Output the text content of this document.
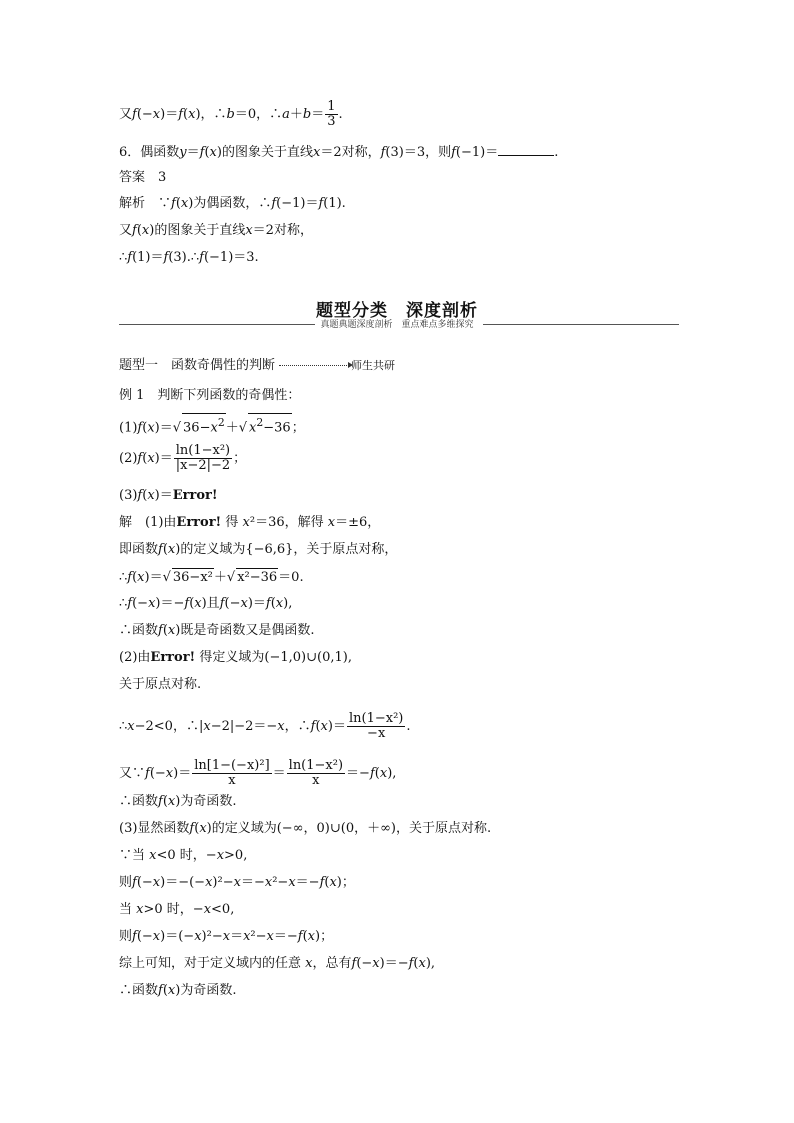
又f(−x)＝f(x)，∴b＝0，∴a＋b＝ $\frac{1}{3}$ .
6．偶函数y＝f(x)的图象关于直线x＝2对称，f(3)＝3，则f(−1)＝	.
答案　3
解析　∵f(x)为偶函数，∴f(−1)＝f(1).
又f(x)的图象关于直线x＝2对称，
∴f(1)＝f(3).∴f(−1)＝3.
题型分类　深度剖析
真题典题深度剖析　重点难点多维探究
题型一　函数奇偶性的判断	师生共研
例 1　判断下列函数的奇偶性：
(1)f(x)＝√ $36-x^2+√$ $x^2-36$；
$(2)f(x)= \frac{\text{ln(1−x²)}}{|x-2|-2}$ ；
(3)f(x)＝Error!
解　(1)由Error! 得 x²＝36，解得 x＝±6，
即函数f(x)的定义域为{−6,6}，关于原点对称，
∴f(x)＝√ 36−x²＋√ x²−36＝0.
∴f(−x)＝−f(x)且f(−x)＝f(x),
∴函数f(x)既是奇函数又是偶函数.
(2)由Error! 得定义域为(−1,0)∪(0,1),
关于原点对称.
∴x−2<0，∴|x−2|−2＝−x，∴f(x)＝ $\frac{\text{ln(1−x²)}}{-x}$ .
又∵f(−x)＝ $\frac{\text{ln[1−(−x)²]}}{x} = \frac{\text{ln(1−x²)}}{x} =-f(x)$,
∴函数f(x)为奇函数.
(3)显然函数f(x)的定义域为(−∞，0)∪(0，＋∞)，关于原点对称.
∵当 x<0 时，−x>0,
则f(−x)＝−(−x)²−x＝−x²−x＝−f(x)；
当 x>0 时，−x<0,
则f(−x)＝(−x)²−x＝x²−x＝−f(x)；
综上可知，对于定义域内的任意 x，总有f(−x)＝−f(x),
∴函数f(x)为奇函数.
